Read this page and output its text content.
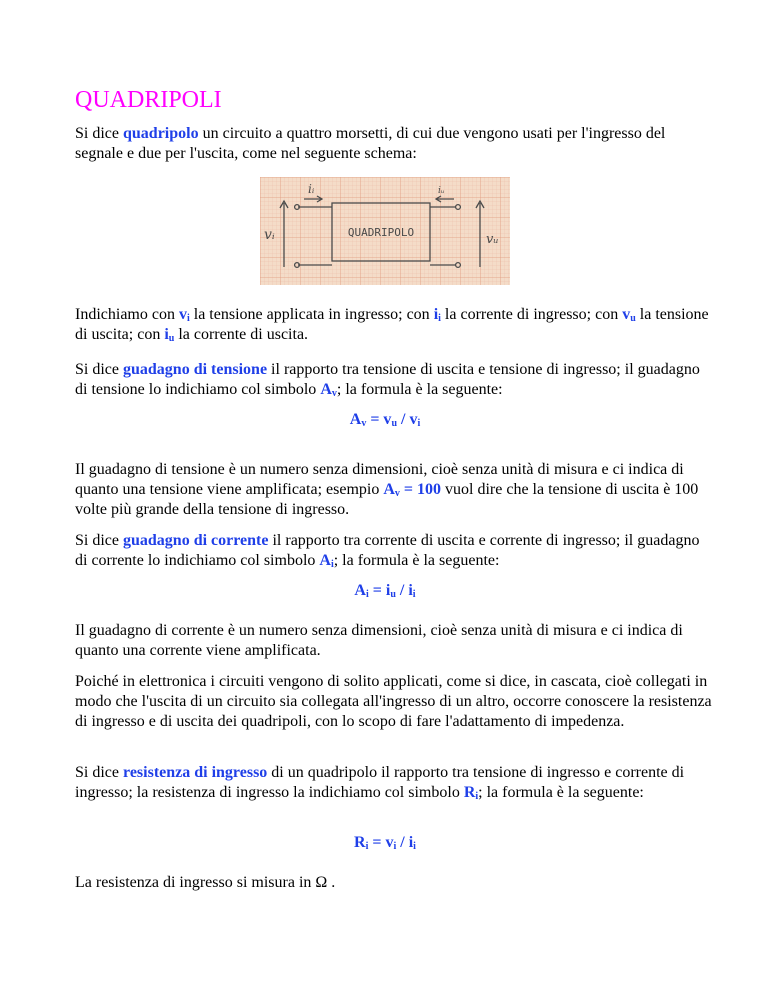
QUADRIPOLI

Si dice quadripolo un circuito a quattro morsetti, di cui due vengono usati per l'ingresso del segnale e due per l'uscita, come nel seguente schema:

QUADRIPOLO
iᵢ	iᵤ
vᵢ	vᵤ

Indichiamo con $v_i$ la tensione applicata in ingresso; con $i_i$ la corrente di ingresso; con $v_u$ la tensione di uscita; con $i_u$ la corrente di uscita.

Si dice guadagno di tensione il rapporto tra tensione di uscita e tensione di ingresso; il guadagno di tensione lo indichiamo col simbolo $A_v$; la formula è la seguente:

$A_v = v_u / v_i$

Il guadagno di tensione è un numero senza dimensioni, cioè senza unità di misura e ci indica di quanto una tensione viene amplificata; esempio $A_v = 100$ vuol dire che la tensione di uscita è 100 volte più grande della tensione di ingresso.

Si dice guadagno di corrente il rapporto tra corrente di uscita e corrente di ingresso; il guadagno di corrente lo indichiamo col simbolo $A_i$; la formula è la seguente:

$A_i = i_u / i_i$

Il guadagno di corrente è un numero senza dimensioni, cioè senza unità di misura e ci indica di quanto una corrente viene amplificata.

Poiché in elettronica i circuiti vengono di solito applicati, come si dice, in cascata, cioè collegati in modo che l'uscita di un circuito sia collegata all'ingresso di un altro, occorre conoscere la resistenza di ingresso e di uscita dei quadripoli, con lo scopo di fare l'adattamento di impedenza.

Si dice resistenza di ingresso di un quadripolo il rapporto tra tensione di ingresso e corrente di ingresso; la resistenza di ingresso la indichiamo col simbolo $R_i$; la formula è la seguente:

$R_i = v_i / i_i$

La resistenza di ingresso si misura in Ω .
